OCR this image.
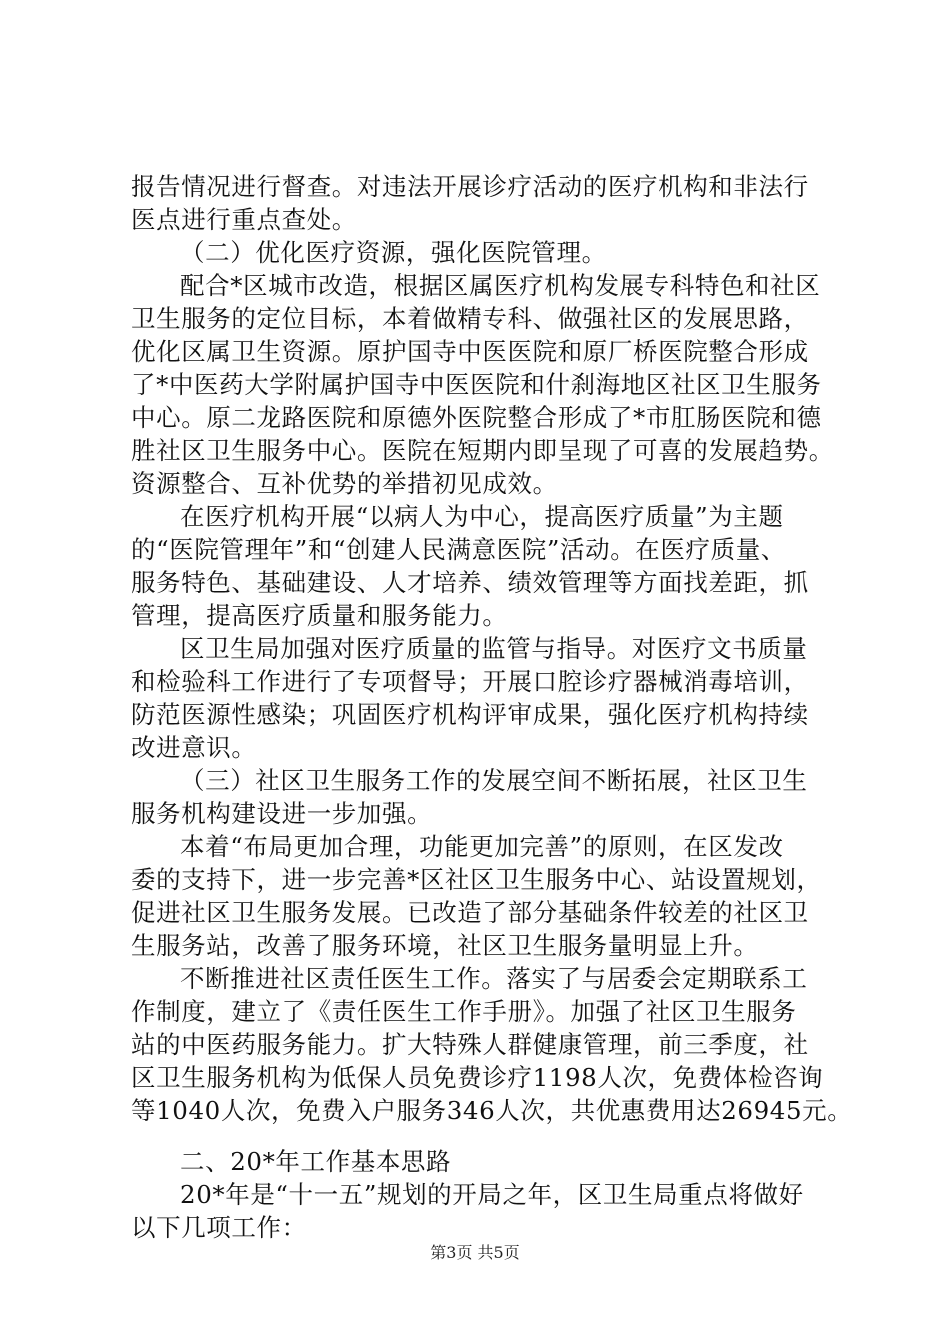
报告情况进行督查。对违法开展诊疗活动的医疗机构和非法行
医点进行重点查处。
（二）优化医疗资源，强化医院管理。
配合*区城市改造，根据区属医疗机构发展专科特色和社区
卫生服务的定位目标，本着做精专科、做强社区的发展思路，
优化区属卫生资源。原护国寺中医医院和原厂桥医院整合形成
了*中医药大学附属护国寺中医医院和什刹海地区社区卫生服务
中心。原二龙路医院和原德外医院整合形成了*市肛肠医院和德
胜社区卫生服务中心。医院在短期内即呈现了可喜的发展趋势。
资源整合、互补优势的举措初见成效。
在医疗机构开展“以病人为中心，提高医疗质量”为主题
的“医院管理年”和“创建人民满意医院”活动。在医疗质量、
服务特色、基础建设、人才培养、绩效管理等方面找差距，抓
管理，提高医疗质量和服务能力。
区卫生局加强对医疗质量的监管与指导。对医疗文书质量
和检验科工作进行了专项督导；开展口腔诊疗器械消毒培训，
防范医源性感染；巩固医疗机构评审成果，强化医疗机构持续
改进意识。
（三）社区卫生服务工作的发展空间不断拓展，社区卫生
服务机构建设进一步加强。
本着“布局更加合理，功能更加完善”的原则，在区发改
委的支持下，进一步完善*区社区卫生服务中心、站设置规划，
促进社区卫生服务发展。已改造了部分基础条件较差的社区卫
生服务站，改善了服务环境，社区卫生服务量明显上升。
不断推进社区责任医生工作。落实了与居委会定期联系工
作制度，建立了《责任医生工作手册》。加强了社区卫生服务
站的中医药服务能力。扩大特殊人群健康管理，前三季度，社
区卫生服务机构为低保人员免费诊疗1198人次，免费体检咨询
等1040人次，免费入户服务346人次，共优惠费用达26945元。
二、20*年工作基本思路
20*年是“十一五”规划的开局之年，区卫生局重点将做好
以下几项工作：
第3页 共5页
